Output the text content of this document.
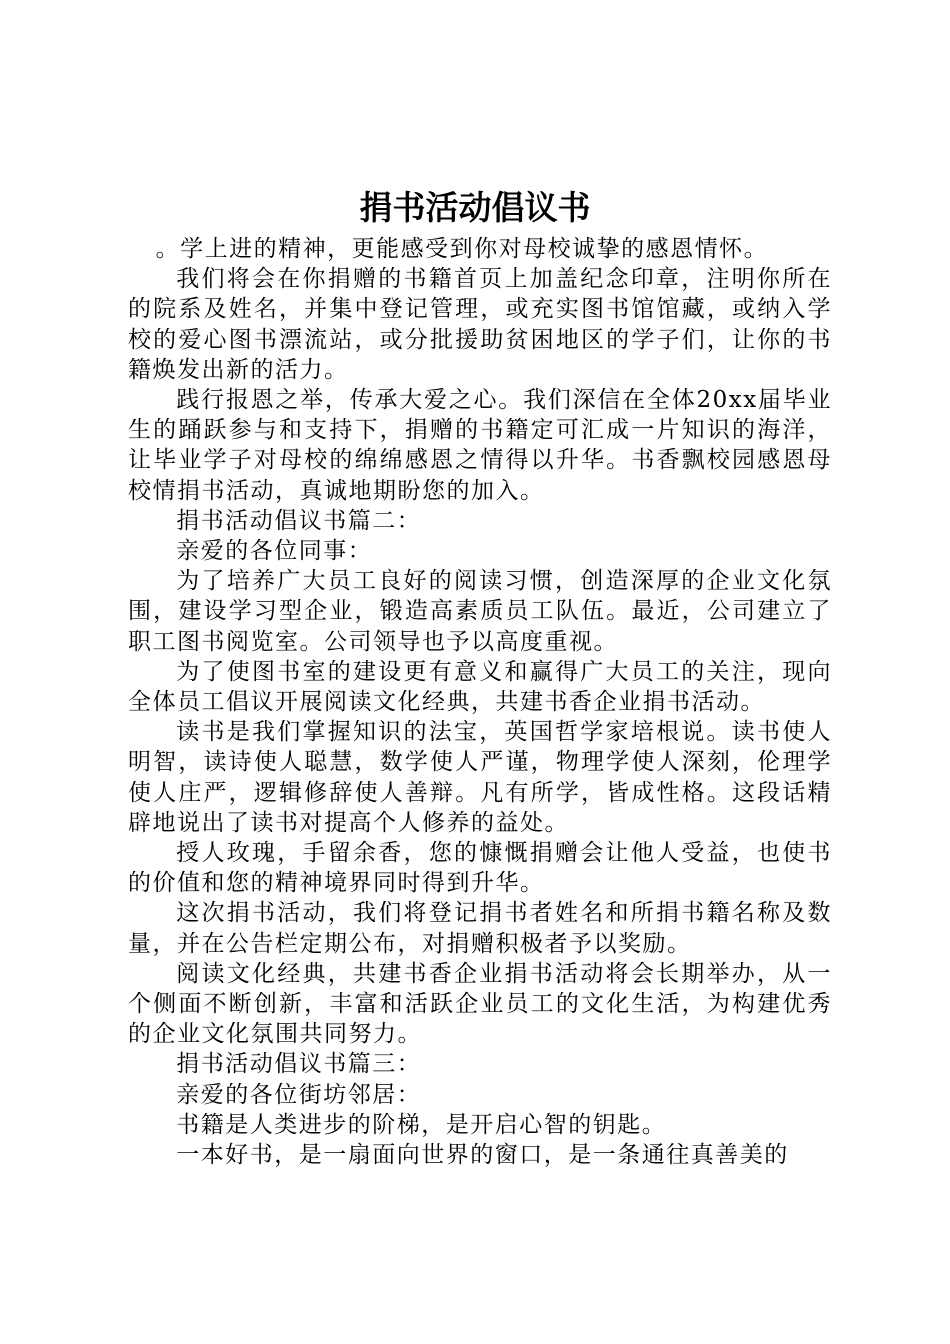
捐书活动倡议书

。学上进的精神，更能感受到你对母校诚挚的感恩情怀。

我们将会在你捐赠的书籍首页上加盖纪念印章，注明你所在的院系及姓名，并集中登记管理，或充实图书馆馆藏，或纳入学校的爱心图书漂流站，或分批援助贫困地区的学子们，让你的书籍焕发出新的活力。

践行报恩之举，传承大爱之心。我们深信在全体20xx届毕业生的踊跃参与和支持下，捐赠的书籍定可汇成一片知识的海洋，让毕业学子对母校的绵绵感恩之情得以升华。书香飘校园感恩母校情捐书活动，真诚地期盼您的加入。

捐书活动倡议书篇二：

亲爱的各位同事：

为了培养广大员工良好的阅读习惯，创造深厚的企业文化氛围，建设学习型企业，锻造高素质员工队伍。最近，公司建立了职工图书阅览室。公司领导也予以高度重视。

为了使图书室的建设更有意义和赢得广大员工的关注，现向全体员工倡议开展阅读文化经典，共建书香企业捐书活动。

读书是我们掌握知识的法宝，英国哲学家培根说。读书使人明智，读诗使人聪慧，数学使人严谨，物理学使人深刻，伦理学使人庄严，逻辑修辞使人善辩。凡有所学，皆成性格。这段话精辟地说出了读书对提高个人修养的益处。

授人玫瑰，手留余香，您的慷慨捐赠会让他人受益，也使书的价值和您的精神境界同时得到升华。

这次捐书活动，我们将登记捐书者姓名和所捐书籍名称及数量，并在公告栏定期公布，对捐赠积极者予以奖励。

阅读文化经典，共建书香企业捐书活动将会长期举办，从一个侧面不断创新，丰富和活跃企业员工的文化生活，为构建优秀的企业文化氛围共同努力。

捐书活动倡议书篇三：

亲爱的各位街坊邻居：

书籍是人类进步的阶梯，是开启心智的钥匙。

一本好书，是一扇面向世界的窗口，是一条通往真善美的
